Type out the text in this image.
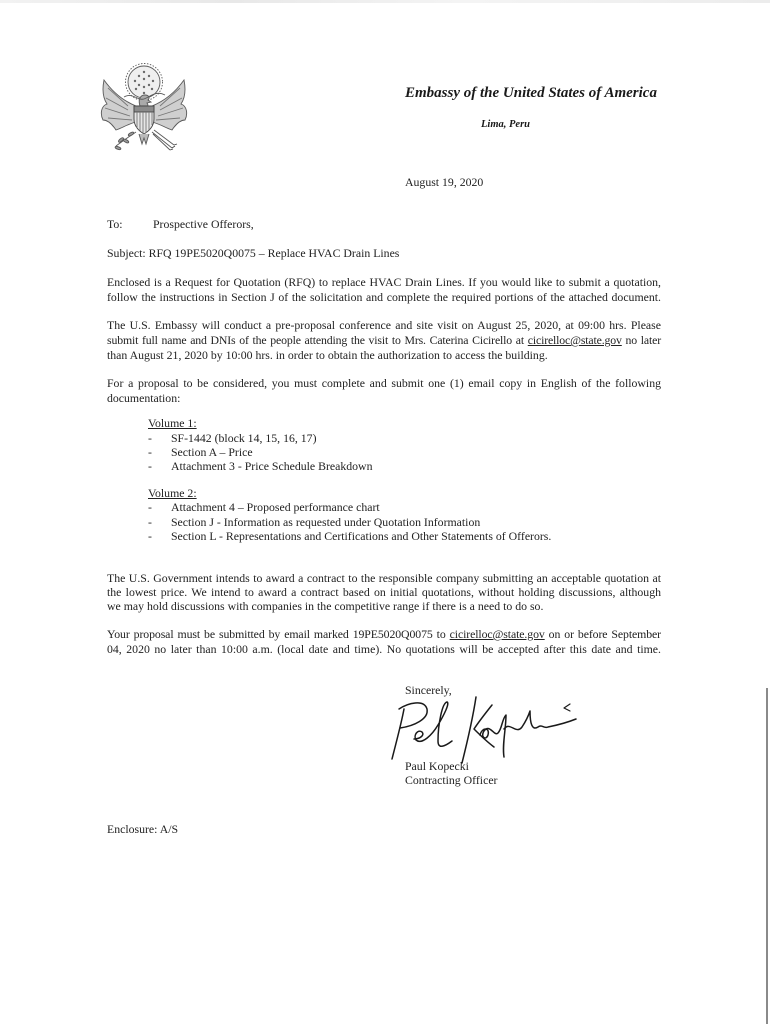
Embassy of the United States of America
Lima, Peru
August 19, 2020
To:	Prospective Offerors,
Subject: RFQ 19PE5020Q0075 – Replace HVAC Drain Lines
Enclosed is a Request for Quotation (RFQ) to replace HVAC Drain Lines. If you would like to submit a quotation,
follow the instructions in Section J of the solicitation and complete the required portions of the attached document.
The U.S. Embassy will conduct a pre-proposal conference and site visit on August 25, 2020, at 09:00 hrs. Please
submit full name and DNIs of the people attending the visit to Mrs. Caterina Cicirello at cicirelloc@state.gov no later
than August 21, 2020 by 10:00 hrs. in order to obtain the authorization to access the building.
For a proposal to be considered, you must complete and submit one (1) email copy in English of the following
documentation:
Volume 1:
- SF-1442 (block 14, 15, 16, 17)
- Section A – Price
- Attachment 3 - Price Schedule Breakdown
Volume 2:
- Attachment 4 – Proposed performance chart
- Section J - Information as requested under Quotation Information
- Section L - Representations and Certifications and Other Statements of Offerors.
The U.S. Government intends to award a contract to the responsible company submitting an acceptable quotation at
the lowest price. We intend to award a contract based on initial quotations, without holding discussions, although
we may hold discussions with companies in the competitive range if there is a need to do so.
Your proposal must be submitted by email marked 19PE5020Q0075 to cicirelloc@state.gov on or before September
04, 2020 no later than 10:00 a.m. (local date and time). No quotations will be accepted after this date and time.
Sincerely,
Paul Kopecki
Contracting Officer
Enclosure: A/S
